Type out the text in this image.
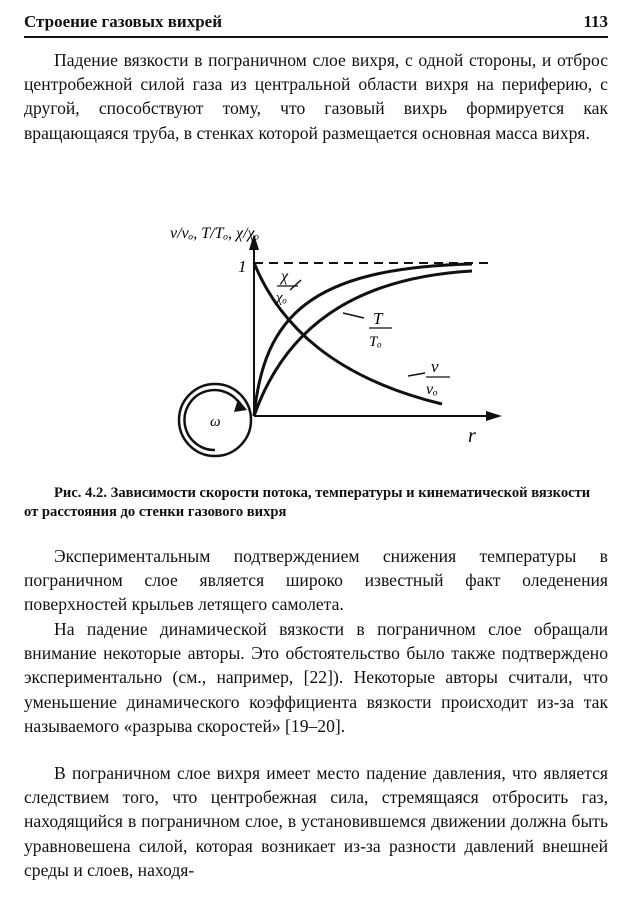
Строение газовых вихрей	113

Падение вязкости в пограничном слое вихря, с одной стороны, и отброс центробежной силой газа из центральной области вихря на периферию, с другой, способствуют тому, что газовый вихрь формируется как вращающаяся труба, в стенках которой размещается основная масса вихря.

ω
v/vₒ, T/Tₒ, χ/χₒ
1
r
χ
χₒ
T
Tₒ
v
vₒ

Рис. 4.2. Зависимости скорости потока, температуры и кинематической вязкости от расстояния до стенки газового вихря

Экспериментальным подтверждением снижения температуры в пограничном слое является широко известный факт оледенения поверхностей крыльев летящего самолета.

На падение динамической вязкости в пограничном слое обращали внимание некоторые авторы. Это обстоятельство было также подтверждено экспериментально (см., например, [22]). Некоторые авторы считали, что уменьшение динамического коэффициента вязкости происходит из-за так называемого «разрыва скоростей» [19–20].

В пограничном слое вихря имеет место падение давления, что является следствием того, что центробежная сила, стремящаяся отбросить газ, находящийся в пограничном слое, в установившемся движении должна быть уравновешена силой, которая возникает из-за разности давлений внешней среды и слоев, находя-
